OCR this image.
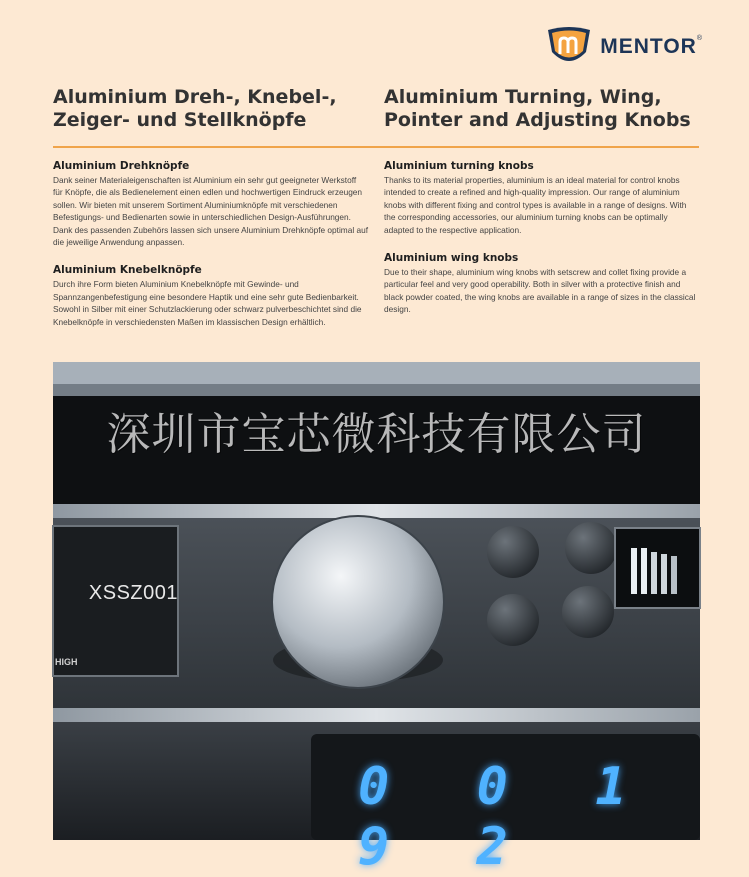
MENTOR®
Aluminium Dreh-, Knebel-,
Zeiger- und Stellknöpfe

Aluminium Drehknöpfe

Dank seiner Materialeigenschaften ist Aluminium ein sehr gut geeigneter Werkstoff für Knöpfe, die als Bedienelement einen edlen und hochwertigen Eindruck erzeugen sollen. Wir bieten mit unserem Sortiment Aluminiumknöpfe mit verschiedenen Befestigungs- und Bedienarten sowie in unterschiedlichen Design-Ausführungen. Dank des passenden Zubehörs lassen sich unsere Aluminium Drehknöpfe optimal auf die jeweilige Anwendung anpassen.

Aluminium Knebelknöpfe

Durch ihre Form bieten Aluminium Knebelknöpfe mit Gewinde- und Spannzangenbefestigung eine besondere Haptik und eine sehr gute Bedienbarkeit. Sowohl in Silber mit einer Schutzlackierung oder schwarz pulverbeschichtet sind die Knebelknöpfe in verschiedensten Maßen im klassischen Design erhältlich.

Aluminium Turning, Wing,
Pointer and Adjusting Knobs

Aluminium turning knobs

Thanks to its material properties, aluminium is an ideal material for control knobs intended to create a refined and high-quality impression. Our range of aluminium knobs with different fixing and control types is available in a range of designs. With the corresponding accessories, our aluminium turning knobs can be optimally adapted to the respective application.

Aluminium wing knobs

Due to their shape, aluminium wing knobs with setscrew and collet fixing provide a particular feel and very good operability. Both in silver with a protective finish and black powder coated, the wing knobs are available in a range of sizes in the classical design.

深圳市宝芯微科技有限公司
XSSZ001
HIGH
0 0 1 9 2
